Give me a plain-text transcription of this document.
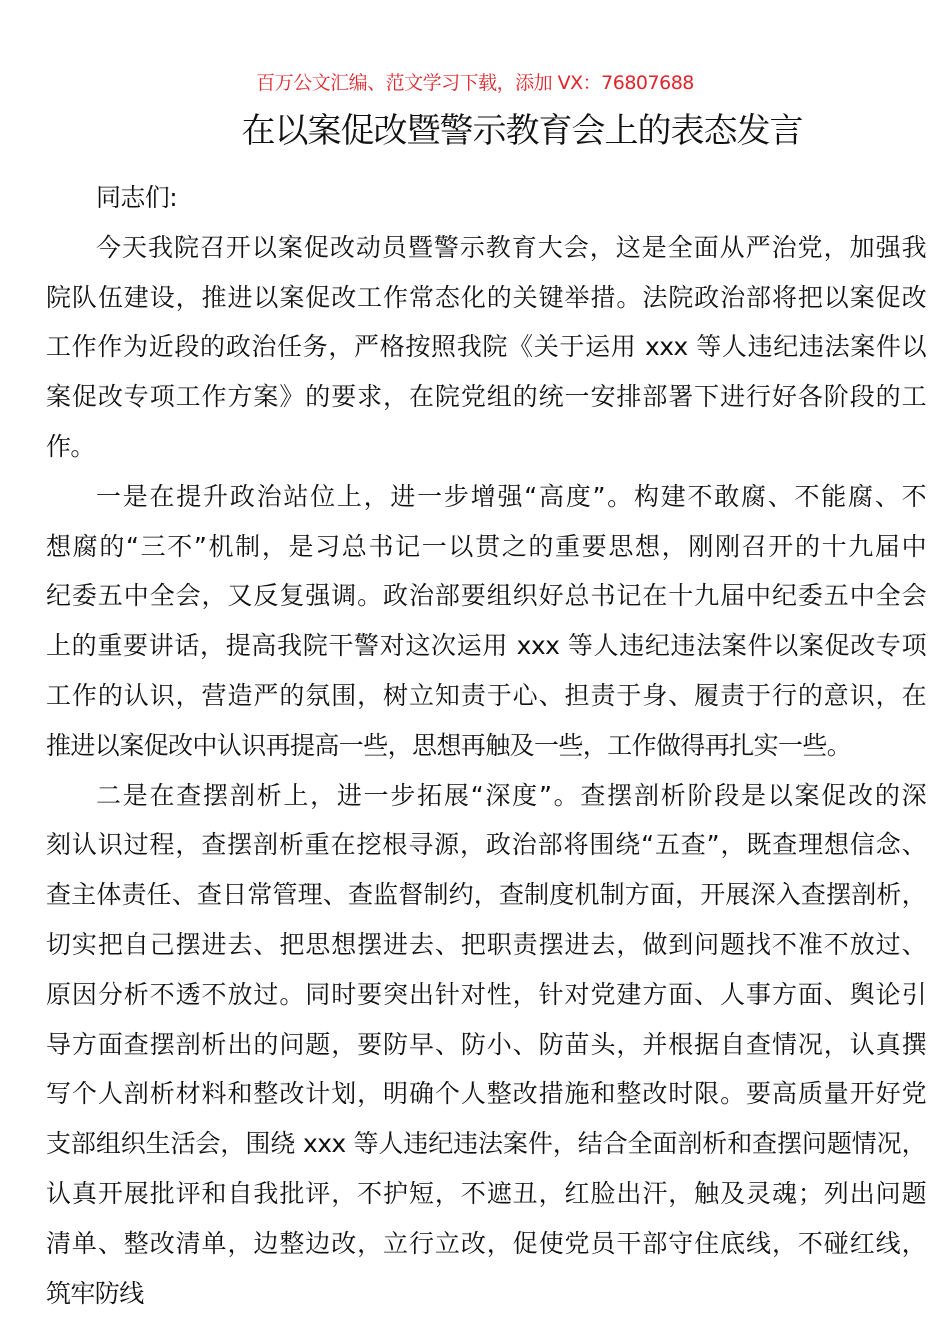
百万公文汇编、范文学习下载，添加 VX：76807688
在以案促改暨警示教育会上的表态发言
同志们:
今天我院召开以案促改动员暨警示教育大会，这是全面从严治党，加强我
院队伍建设，推进以案促改工作常态化的关键举措。法院政治部将把以案促改
工作作为近段的政治任务，严格按照我院《关于运用 xxx 等人违纪违法案件以
案促改专项工作方案》的要求，在院党组的统一安排部署下进行好各阶段的工
作。
一是在提升政治站位上，进一步增强“高度”。构建不敢腐、不能腐、不
想腐的“三不”机制，是习总书记一以贯之的重要思想，刚刚召开的十九届中
纪委五中全会，又反复强调。政治部要组织好总书记在十九届中纪委五中全会
上的重要讲话，提高我院干警对这次运用 xxx 等人违纪违法案件以案促改专项
工作的认识，营造严的氛围，树立知责于心、担责于身、履责于行的意识，在
推进以案促改中认识再提高一些，思想再触及一些，工作做得再扎实一些。
二是在查摆剖析上，进一步拓展“深度”。查摆剖析阶段是以案促改的深
刻认识过程，查摆剖析重在挖根寻源，政治部将围绕“五查”，既查理想信念、
查主体责任、查日常管理、查监督制约，查制度机制方面，开展深入查摆剖析，
切实把自己摆进去、把思想摆进去、把职责摆进去，做到问题找不准不放过、
原因分析不透不放过。同时要突出针对性，针对党建方面、人事方面、舆论引
导方面查摆剖析出的问题，要防早、防小、防苗头，并根据自查情况，认真撰
写个人剖析材料和整改计划，明确个人整改措施和整改时限。要高质量开好党
支部组织生活会，围绕 xxx 等人违纪违法案件，结合全面剖析和查摆问题情况，
认真开展批评和自我批评，不护短，不遮丑，红脸出汗，触及灵魂；列出问题
清单、整改清单，边整边改，立行立改，促使党员干部守住底线，不碰红线，
筑牢防线
